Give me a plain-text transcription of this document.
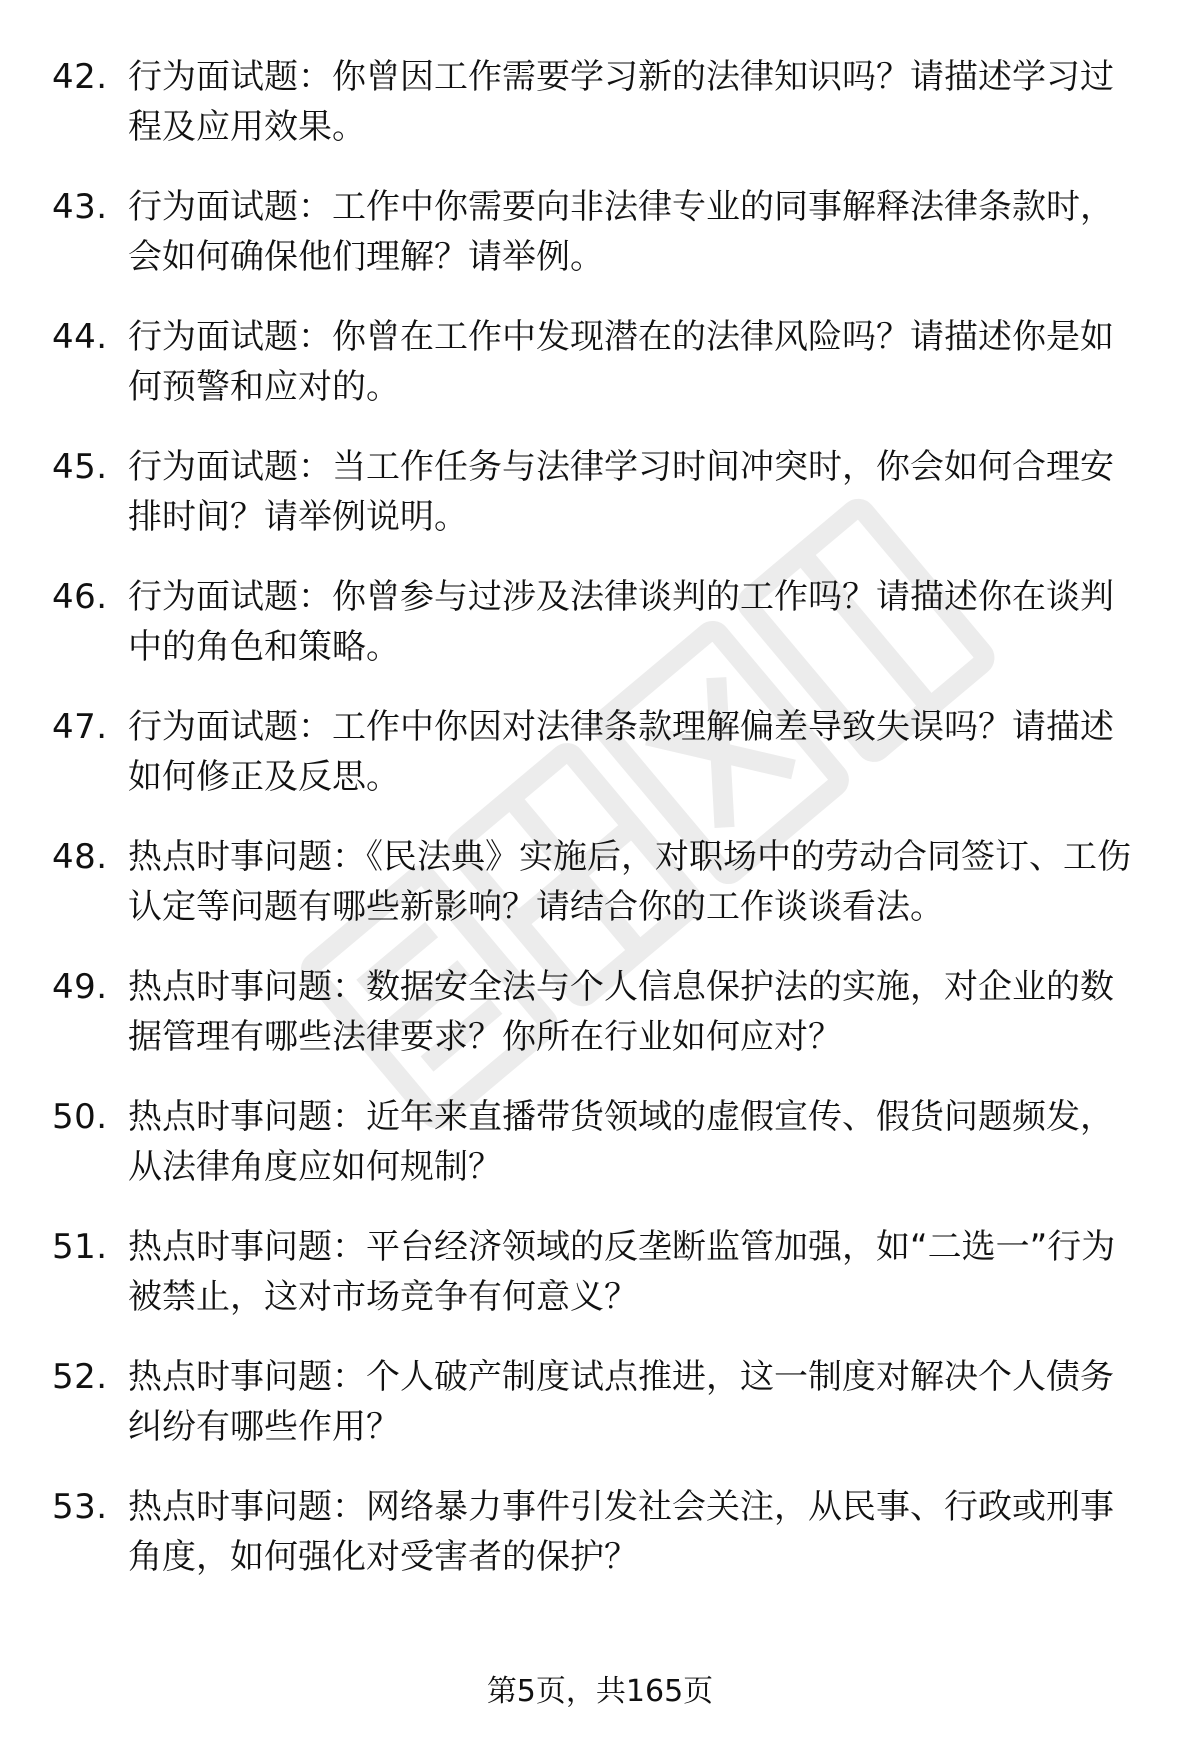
42. 行为面试题：你曾因工作需要学习新的法律知识吗？请描述学习过程及应用效果。
43. 行为面试题：工作中你需要向非法律专业的同事解释法律条款时，会如何确保他们理解？请举例。
44. 行为面试题：你曾在工作中发现潜在的法律风险吗？请描述你是如何预警和应对的。
45. 行为面试题：当工作任务与法律学习时间冲突时，你会如何合理安排时间？请举例说明。
46. 行为面试题：你曾参与过涉及法律谈判的工作吗？请描述你在谈判中的角色和策略。
47. 行为面试题：工作中你因对法律条款理解偏差导致失误吗？请描述如何修正及反思。
48. 热点时事问题：《民法典》实施后，对职场中的劳动合同签订、工伤认定等问题有哪些新影响？请结合你的工作谈谈看法。
49. 热点时事问题：数据安全法与个人信息保护法的实施，对企业的数据管理有哪些法律要求？你所在行业如何应对？
50. 热点时事问题：近年来直播带货领域的虚假宣传、假货问题频发，从法律角度应如何规制？
51. 热点时事问题：平台经济领域的反垄断监管加强，如“二选一”行为被禁止，这对市场竞争有何意义？
52. 热点时事问题：个人破产制度试点推进，这一制度对解决个人债务纠纷有哪些作用？
53. 热点时事问题：网络暴力事件引发社会关注，从民事、行政或刑事角度，如何强化对受害者的保护？
第5页，共165页
